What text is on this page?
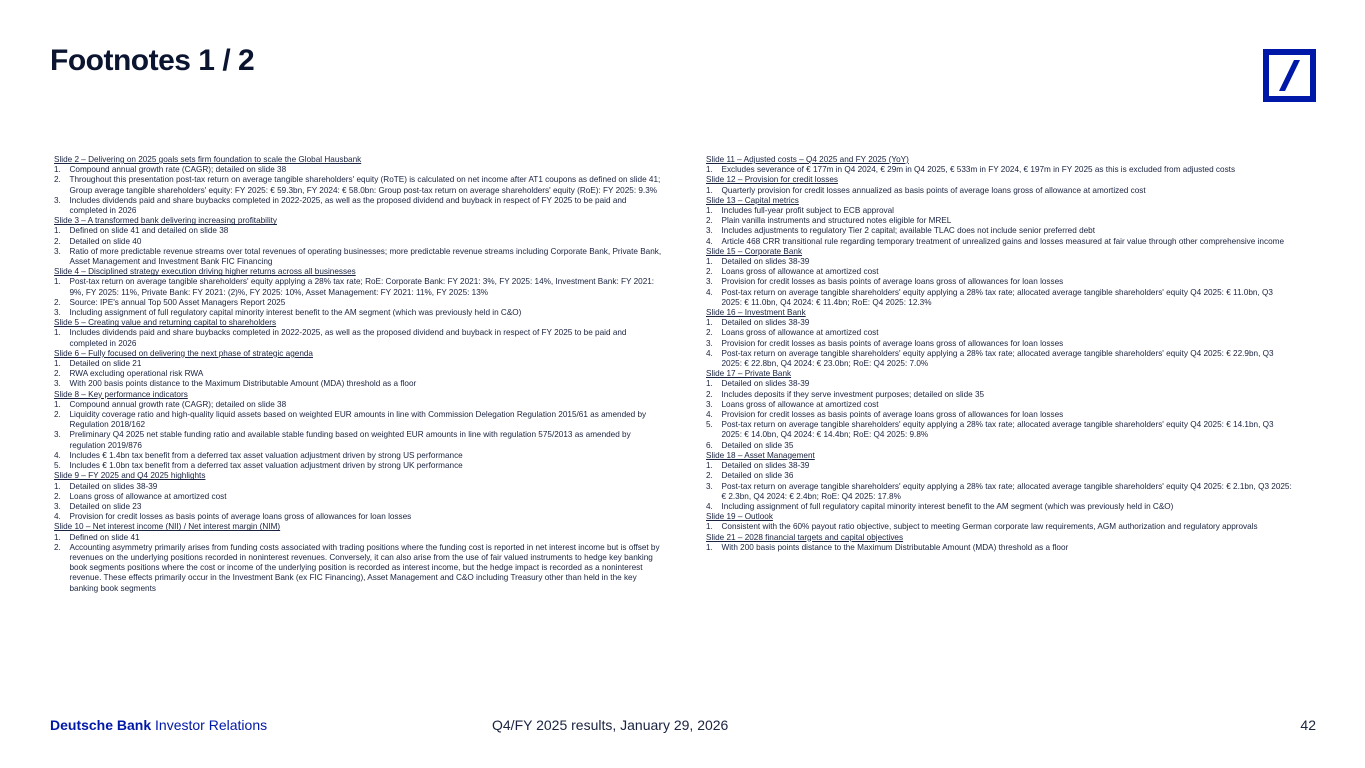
Footnotes 1 / 2
Slide 2 – Delivering on 2025 goals sets firm foundation to scale the Global Hausbank
1.	Compound annual growth rate (CAGR); detailed on slide 38
2.	Throughout this presentation post-tax return on average tangible shareholders' equity (RoTE) is calculated on net income after AT1 coupons as defined on slide 41; Group average tangible shareholders' equity: FY 2025: € 59.3bn, FY 2024: € 58.0bn: Group post-tax return on average shareholders' equity (RoE): FY 2025: 9.3%
3.	Includes dividends paid and share buybacks completed in 2022-2025, as well as the proposed dividend and buyback in respect of FY 2025 to be paid and completed in 2026
Slide 3 – A transformed bank delivering increasing profitability
1.	Defined on slide 41 and detailed on slide 38
2.	Detailed on slide 40
3.	Ratio of more predictable revenue streams over total revenues of operating businesses; more predictable revenue streams including Corporate Bank, Private Bank, Asset Management and Investment Bank FIC Financing
Slide 4 – Disciplined strategy execution driving higher returns across all businesses
1.	Post-tax return on average tangible shareholders' equity applying a 28% tax rate; RoE: Corporate Bank: FY 2021: 3%, FY 2025: 14%, Investment Bank: FY 2021: 9%, FY 2025: 11%, Private Bank: FY 2021: (2)%, FY 2025: 10%, Asset Management: FY 2021: 11%, FY 2025: 13%
2.	Source: IPE's annual Top 500 Asset Managers Report 2025
3.	Including assignment of full regulatory capital minority interest benefit to the AM segment (which was previously held in C&O)
Slide 5 – Creating value and returning capital to shareholders
1.	Includes dividends paid and share buybacks completed in 2022-2025, as well as the proposed dividend and buyback in respect of FY 2025 to be paid and completed in 2026
Slide 6 – Fully focused on delivering the next phase of strategic agenda
1.	Detailed on slide 21
2.	RWA excluding operational risk RWA
3.	With 200 basis points distance to the Maximum Distributable Amount (MDA) threshold as a floor
Slide 8 – Key performance indicators
1.	Compound annual growth rate (CAGR); detailed on slide 38
2.	Liquidity coverage ratio and high-quality liquid assets based on weighted EUR amounts in line with Commission Delegation Regulation 2015/61 as amended by Regulation 2018/162
3.	Preliminary Q4 2025 net stable funding ratio and available stable funding based on weighted EUR amounts in line with regulation 575/2013 as amended by regulation 2019/876
4.	Includes € 1.4bn tax benefit from a deferred tax asset valuation adjustment driven by strong US performance
5.	Includes € 1.0bn tax benefit from a deferred tax asset valuation adjustment driven by strong UK performance
Slide 9 – FY 2025 and Q4 2025 highlights
1.	Detailed on slides 38-39
2.	Loans gross of allowance at amortized cost
3.	Detailed on slide 23
4.	Provision for credit losses as basis points of average loans gross of allowances for loan losses
Slide 10 – Net interest income (NII) / Net interest margin (NIM)
1.	Defined on slide 41
2.	Accounting asymmetry primarily arises from funding costs associated with trading positions where the funding cost is reported in net interest income but is offset by revenues on the underlying positions recorded in noninterest revenues. Conversely, it can also arise from the use of fair valued instruments to hedge key banking book segments positions where the cost or income of the underlying position is recorded as interest income, but the hedge impact is recorded as a noninterest revenue. These effects primarily occur in the Investment Bank (ex FIC Financing), Asset Management and C&O including Treasury other than held in the key banking book segments
Slide 11 – Adjusted costs – Q4 2025 and FY 2025 (YoY)
1.	Excludes severance of € 177m in Q4 2024, € 29m in Q4 2025, € 533m in FY 2024, € 197m in FY 2025 as this is excluded from adjusted costs
Slide 12 – Provision for credit losses
1.	Quarterly provision for credit losses annualized as basis points of average loans gross of allowance at amortized cost
Slide 13 – Capital metrics
1.	Includes full-year profit subject to ECB approval
2.	Plain vanilla instruments and structured notes eligible for MREL
3.	Includes adjustments to regulatory Tier 2 capital; available TLAC does not include senior preferred debt
4.	Article 468 CRR transitional rule regarding temporary treatment of unrealized gains and losses measured at fair value through other comprehensive income
Slide 15 – Corporate Bank
1.	Detailed on slides 38-39
2.	Loans gross of allowance at amortized cost
3.	Provision for credit losses as basis points of average loans gross of allowances for loan losses
4.	Post-tax return on average tangible shareholders' equity applying a 28% tax rate; allocated average tangible shareholders' equity Q4 2025: € 11.0bn, Q3 2025: € 11.0bn, Q4 2024: € 11.4bn; RoE: Q4 2025: 12.3%
Slide 16 – Investment Bank
1.	Detailed on slides 38-39
2.	Loans gross of allowance at amortized cost
3.	Provision for credit losses as basis points of average loans gross of allowances for loan losses
4.	Post-tax return on average tangible shareholders' equity applying a 28% tax rate; allocated average tangible shareholders' equity Q4 2025: € 22.9bn, Q3 2025: € 22.8bn, Q4 2024: € 23.0bn; RoE: Q4 2025: 7.0%
Slide 17 – Private Bank
1.	Detailed on slides 38-39
2.	Includes deposits if they serve investment purposes; detailed on slide 35
3.	Loans gross of allowance at amortized cost
4.	Provision for credit losses as basis points of average loans gross of allowances for loan losses
5.	Post-tax return on average tangible shareholders' equity applying a 28% tax rate; allocated average tangible shareholders' equity Q4 2025: € 14.1bn, Q3 2025: € 14.0bn, Q4 2024: € 14.4bn; RoE: Q4 2025: 9.8%
6.	Detailed on slide 35
Slide 18 – Asset Management
1.	Detailed on slides 38-39
2.	Detailed on slide 36
3.	Post-tax return on average tangible shareholders' equity applying a 28% tax rate; allocated average tangible shareholders' equity Q4 2025: € 2.1bn, Q3 2025: € 2.3bn, Q4 2024: € 2.4bn; RoE: Q4 2025: 17.8%
4.	Including assignment of full regulatory capital minority interest benefit to the AM segment (which was previously held in C&O)
Slide 19 – Outlook
1.	Consistent with the 60% payout ratio objective, subject to meeting German corporate law requirements, AGM authorization and regulatory approvals
Slide 21 – 2028 financial targets and capital objectives
1.	With 200 basis points distance to the Maximum Distributable Amount (MDA) threshold as a floor
Deutsche Bank Investor Relations	Q4/FY 2025 results, January 29, 2026	42
